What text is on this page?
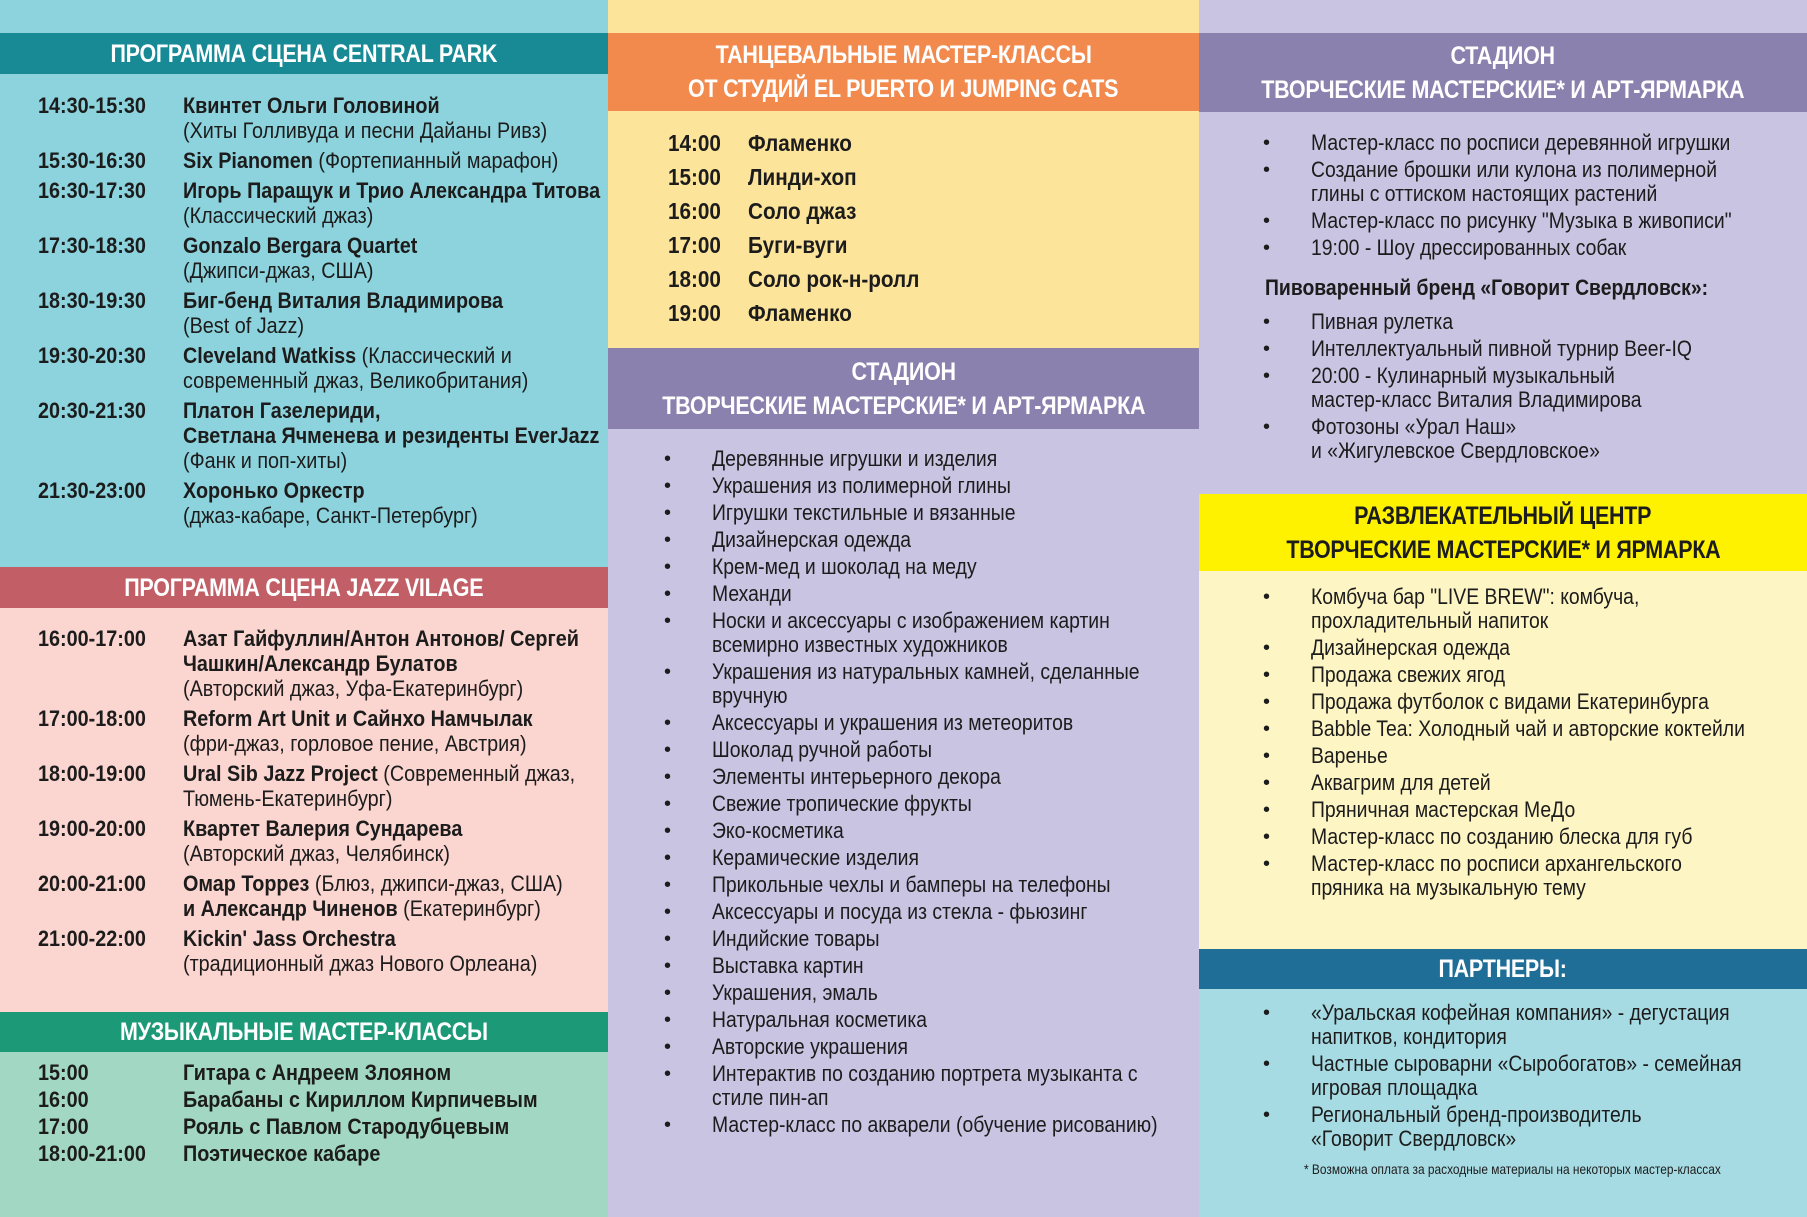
ПРОГРАММА СЦЕНА CENTRAL PARK
14:30-15:30	Квинтет Ольги Головиной
(Хиты Голливуда и песни Дайаны Ривз)
15:30-16:30	Six Pianomen (Фортепианный марафон)
16:30-17:30	Игорь Паращук и Трио Александра Титова
(Классический джаз)
17:30-18:30	Gonzalo Bergara Quartet
(Джипси-джаз, США)
18:30-19:30	Биг-бенд Виталия Владимирова
(Best of Jazz)
19:30-20:30	Cleveland Watkiss (Классический и
современный джаз, Великобритания)
20:30-21:30	Платон Газелериди,
Светлана Ячменева и резиденты EverJazz
(Фанк и поп-хиты)
21:30-23:00	Хоронько Оркестр
(джаз-кабаре, Санкт-Петербург)
ПРОГРАММА СЦЕНА JAZZ VILAGE
16:00-17:00	Азат Гайфуллин/Антон Антонов/ Сергей
Чашкин/Александр Булатов
(Авторский джаз, Уфа-Екатеринбург)
17:00-18:00	Reform Art Unit и Сайнхо Намчылак
(фри-джаз, горловое пение, Австрия)
18:00-19:00	Ural Sib Jazz Project (Современный джаз,
Тюмень-Екатеринбург)
19:00-20:00	Квартет Валерия Сундарева
(Авторский джаз, Челябинск)
20:00-21:00	Омар Торрез (Блюз, джипси-джаз, США)
и Александр Чиненов (Екатеринбург)
21:00-22:00	Kickin' Jass Orchestra
(традиционный джаз Нового Орлеана)
МУЗЫКАЛЬНЫЕ МАСТЕР-КЛАССЫ
15:00	Гитара с Андреем Злояном
16:00	Барабаны с Кириллом Кирпичевым
17:00	Рояль с Павлом Стародубцевым
18:00-21:00	Поэтическое кабаре
ТАНЦЕВАЛЬНЫЕ МАСТЕР-КЛАССЫ
ОТ СТУДИЙ EL PUERTO И JUMPING CATS
14:00	Фламенко
15:00	Линди-хоп
16:00	Соло джаз
17:00	Буги-вуги
18:00	Соло рок-н-ролл
19:00	Фламенко
СТАДИОН
ТВОРЧЕСКИЕ МАСТЕРСКИЕ* И АРТ-ЯРМАРКА
• Деревянные игрушки и изделия
• Украшения из полимерной глины
• Игрушки текстильные и вязанные
• Дизайнерская одежда
• Крем-мед и шоколад на меду
• Механди
• Носки и аксессуары с изображением картин
всемирно известных художников
• Украшения из натуральных камней, сделанные
вручную
• Аксессуары и украшения из метеоритов
• Шоколад ручной работы
• Элементы интерьерного декора
• Свежие тропические фрукты
• Эко-косметика
• Керамические изделия
• Прикольные чехлы и бамперы на телефоны
• Аксессуары и посуда из стекла - фьюзинг
• Индийские товары
• Выставка картин
• Украшения, эмаль
• Натуральная косметика
• Авторские украшения
• Интерактив по созданию портрета музыканта с
стиле пин-ап
• Мастер-класс по акварели (обучение рисованию)
СТАДИОН
ТВОРЧЕСКИЕ МАСТЕРСКИЕ* И АРТ-ЯРМАРКА
• Мастер-класс по росписи деревянной игрушки
• Создание брошки или кулона из полимерной
глины с оттиском настоящих растений
• Мастер-класс по рисунку "Музыка в живописи"
• 19:00 - Шоу дрессированных собак
Пивоваренный бренд «Говорит Свердловск»:
• Пивная рулетка
• Интеллектуальный пивной турнир Beer-IQ
• 20:00 - Кулинарный музыкальный
мастер-класс Виталия Владимирова
• Фотозоны «Урал Наш»
и «Жигулевское Свердловское»
РАЗВЛЕКАТЕЛЬНЫЙ ЦЕНТР
ТВОРЧЕСКИЕ МАСТЕРСКИЕ* И ЯРМАРКА
• Комбуча бар "LIVE BREW": комбуча,
прохладительный напиток
• Дизайнерская одежда
• Продажа свежих ягод
• Продажа футболок с видами Екатеринбурга
• Babble Tea: Холодный чай и авторские коктейли
• Варенье
• Аквагрим для детей
• Пряничная мастерская МеДо
• Мастер-класс по созданию блеска для губ
• Мастер-класс по росписи архангельского
пряника на музыкальную тему
ПАРТНЕРЫ:
• «Уральская кофейная компания» - дегустация
напитков, кондитория
• Частные сыроварни «Сыробогатов» - семейная
игровая площадка
• Региональный бренд-производитель
«Говорит Свердловск»
* Возможна оплата за расходные материалы на некоторых мастер-классах
